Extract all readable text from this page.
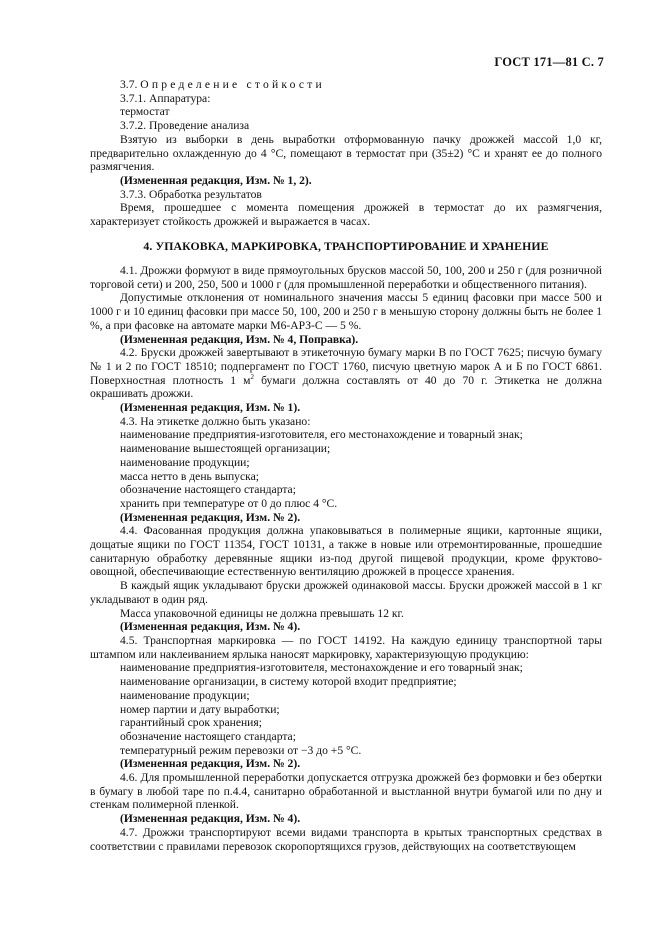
ГОСТ 171—81 С. 7
3.7. Определение стойкости
3.7.1. Аппаратура:
термостат
3.7.2. Проведение анализа
Взятую из выборки в день выработки отформованную пачку дрожжей массой 1,0 кг, предварительно охлажденную до 4 °С, помещают в термостат при (35±2) °С и хранят ее до полного размягчения.
(Измененная редакция, Изм. № 1, 2).
3.7.3. Обработка результатов
Время, прошедшее с момента помещения дрожжей в термостат до их размягчения, характеризует стойкость дрожжей и выражается в часах.
4. УПАКОВКА, МАРКИРОВКА, ТРАНСПОРТИРОВАНИЕ И ХРАНЕНИЕ
4.1. Дрожжи формуют в виде прямоугольных брусков массой 50, 100, 200 и 250 г (для розничной торговой сети) и 200, 250, 500 и 1000 г (для промышленной переработки и общественного питания).
Допустимые отклонения от номинального значения массы 5 единиц фасовки при массе 500 и 1000 г и 10 единиц фасовки при массе 50, 100, 200 и 250 г в меньшую сторону должны быть не более 1 %, а при фасовке на автомате марки М6-АРЗ-С — 5 %.
(Измененная редакция, Изм. № 4, Поправка).
4.2. Бруски дрожжей завертывают в этикеточную бумагу марки В по ГОСТ 7625; писчую бумагу № 1 и 2 по ГОСТ 18510; подпергамент по ГОСТ 1760, писчую цветную марок А и Б по ГОСТ 6861. Поверхностная плотность 1 $м^2$ бумаги должна составлять от 40 до 70 г. Этикетка не должна окрашивать дрожжи.
(Измененная редакция, Изм. № 1).
4.3. На этикетке должно быть указано:
наименование предприятия-изготовителя, его местонахождение и товарный знак;
наименование вышестоящей организации;
наименование продукции;
масса нетто в день выпуска;
обозначение настоящего стандарта;
хранить при температуре от 0 до плюс 4 °С.
(Измененная редакция, Изм. № 2).
4.4. Фасованная продукция должна упаковываться в полимерные ящики, картонные ящики, дощатые ящики по ГОСТ 11354, ГОСТ 10131, а также в новые или отремонтированные, прошедшие санитарную обработку деревянные ящики из-под другой пищевой продукции, кроме фруктово-овощной, обеспечивающие естественную вентиляцию дрожжей в процессе хранения.
В каждый ящик укладывают бруски дрожжей одинаковой массы. Бруски дрожжей массой в 1 кг укладывают в один ряд.
Масса упаковочной единицы не должна превышать 12 кг.
(Измененная редакция, Изм. № 4).
4.5. Транспортная маркировка — по ГОСТ 14192. На каждую единицу транспортной тары штампом или наклеиванием ярлыка наносят маркировку, характеризующую продукцию:
наименование предприятия-изготовителя, местонахождение и его товарный знак;
наименование организации, в систему которой входит предприятие;
наименование продукции;
номер партии и дату выработки;
гарантийный срок хранения;
обозначение настоящего стандарта;
температурный режим перевозки от −3 до +5 °С.
(Измененная редакция, Изм. № 2).
4.6. Для промышленной переработки допускается отгрузка дрожжей без формовки и без обертки в бумагу в любой таре по п.4.4, санитарно обработанной и выстланной внутри бумагой или по дну и стенкам полимерной пленкой.
(Измененная редакция, Изм. № 4).
4.7. Дрожжи транспортируют всеми видами транспорта в крытых транспортных средствах в соответствии с правилами перевозок скоропортящихся грузов, действующих на соответствующем
